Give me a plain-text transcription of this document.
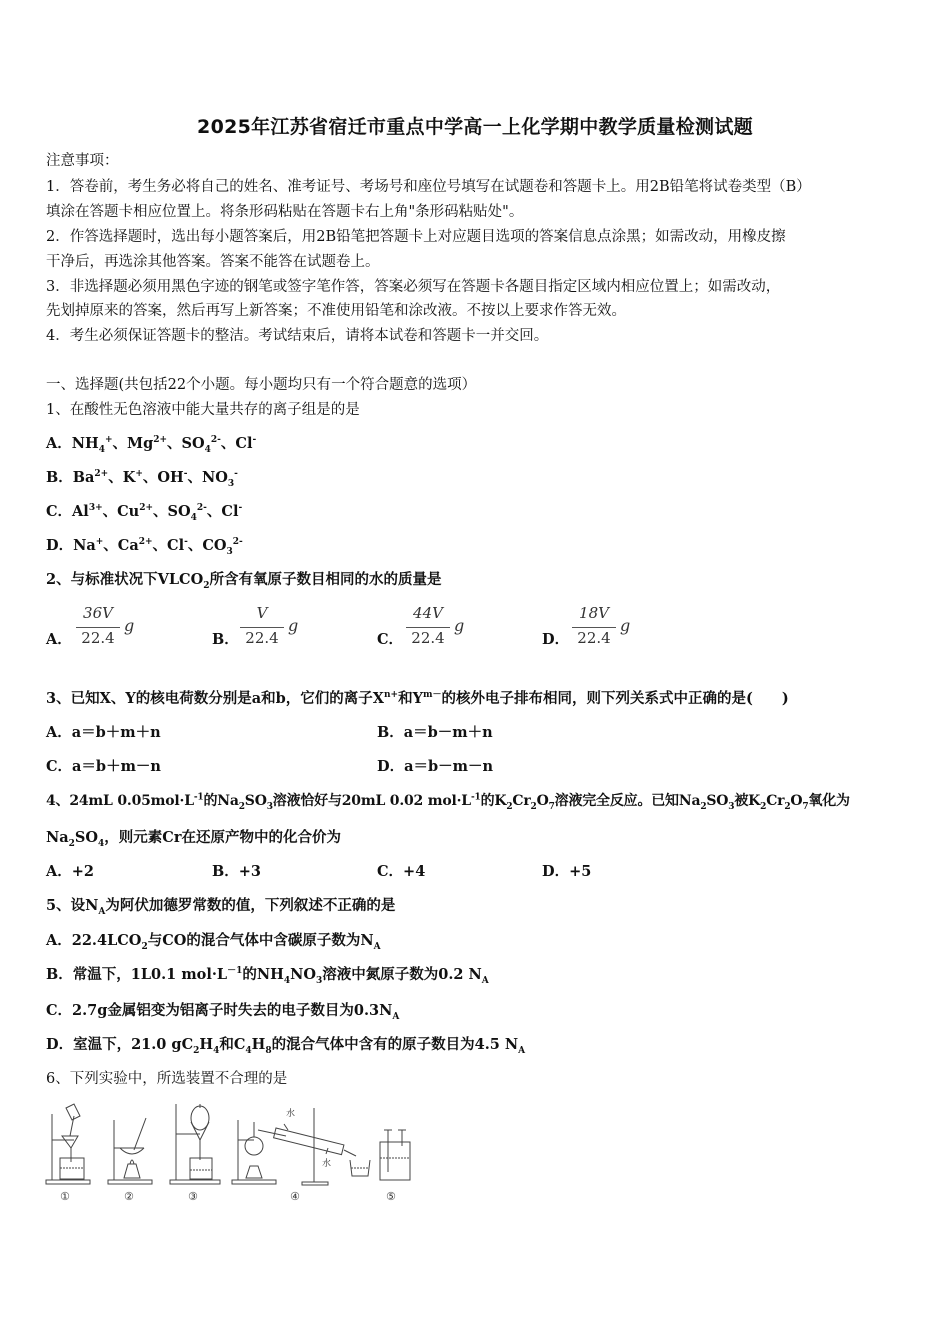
2025年江苏省宿迁市重点中学高一上化学期中教学质量检测试题
注意事项：
1．答卷前，考生务必将自己的姓名、准考证号、考场号和座位号填写在试题卷和答题卡上。用2B铅笔将试卷类型（B）
填涂在答题卡相应位置上。将条形码粘贴在答题卡右上角"条形码粘贴处"。
2．作答选择题时，选出每小题答案后，用2B铅笔把答题卡上对应题目选项的答案信息点涂黑；如需改动，用橡皮擦
干净后，再选涂其他答案。答案不能答在试题卷上。
3．非选择题必须用黑色字迹的钢笔或签字笔作答，答案必须写在答题卡各题目指定区域内相应位置上；如需改动，
先划掉原来的答案，然后再写上新答案；不准使用铅笔和涂改液。不按以上要求作答无效。
4．考生必须保证答题卡的整洁。考试结束后，请将本试卷和答题卡一并交回。
一、选择题(共包括22个小题。每小题均只有一个符合题意的选项）
1、在酸性无色溶液中能大量共存的离子组是的是
A．$NH_4^+$、$Mg^{2+}$、$SO_4^{2-}$、Cl-
B．$Ba^{2+}$、K+、OH-、$NO_3^-$
C．$Al^{3+}$、$Cu^{2+}$、$SO_4^{2-}$、Cl-
D．Na+、$Ca^{2+}$、Cl-、$CO_3^{2-}$
2、与标准状况下$VLCO_2$所含有氧原子数目相同的水的质量是
A．
36V
22.4
g
B．
V
22.4
g
C．
44V
22.4
g
D．
18V
22.4
g
3、已知X、Y的核电荷数分别是a和b，它们的离子$X^{n+}$和$Y^{m-}$的核外电子排布相同，则下列关系式中正确的是(　　)
A．a＝b＋m＋n	B．a＝b－m＋n
C．a＝b＋m－n	D．a＝b－m－n
4、24mL $0.05mol\cdot L^{-1}$的$Na_2SO_3$溶液恰好与20mL 0.02 $mol\cdot L^{-1}$的$K_2Cr_2O_7$溶液完全反应。已知$Na_2SO_3$被$K_2Cr_2O_7$氧化为
$Na_2SO_4$，则元素Cr在还原产物中的化合价为
A．+2	B．+3	C．+4	D．+5
5、设$N_A$为阿伏加德罗常数的值，下列叙述不正确的是
A．$22.4LCO_2$与CO的混合气体中含碳原子数为$N_A$
B．常温下，1L0.1 $mol\cdot L^{-1}$的$NH_4NO_3$溶液中氮原子数为0.2 $N_A$
C．2.7g金属铝变为铝离子时失去的电子数目为$0.3N_A$
D．室温下，21.0 $gC_2H_4$和$C_4H_8$的混合气体中含有的原子数目为4.5 $N_A$
6、下列实验中，所选装置不合理的是
①	②	③	④	⑤
水
水
